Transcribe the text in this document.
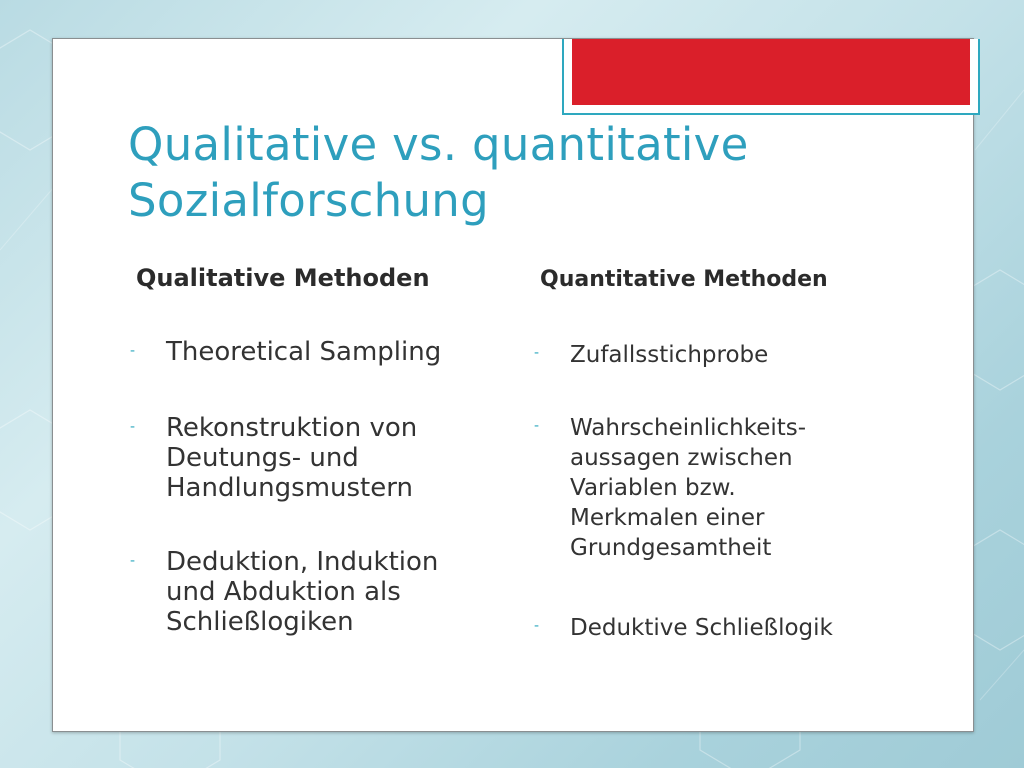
Qualitative vs. quantitative
Sozialforschung
Qualitative Methoden
- Theoretical Sampling
- Rekonstruktion von
Deutungs- und
Handlungsmustern
- Deduktion, Induktion
und Abduktion als
Schließlogiken
Quantitative Methoden
- Zufallsstichprobe
- Wahrscheinlichkeits-
aussagen zwischen
Variablen bzw.
Merkmalen einer
Grundgesamtheit
- Deduktive Schließlogik
